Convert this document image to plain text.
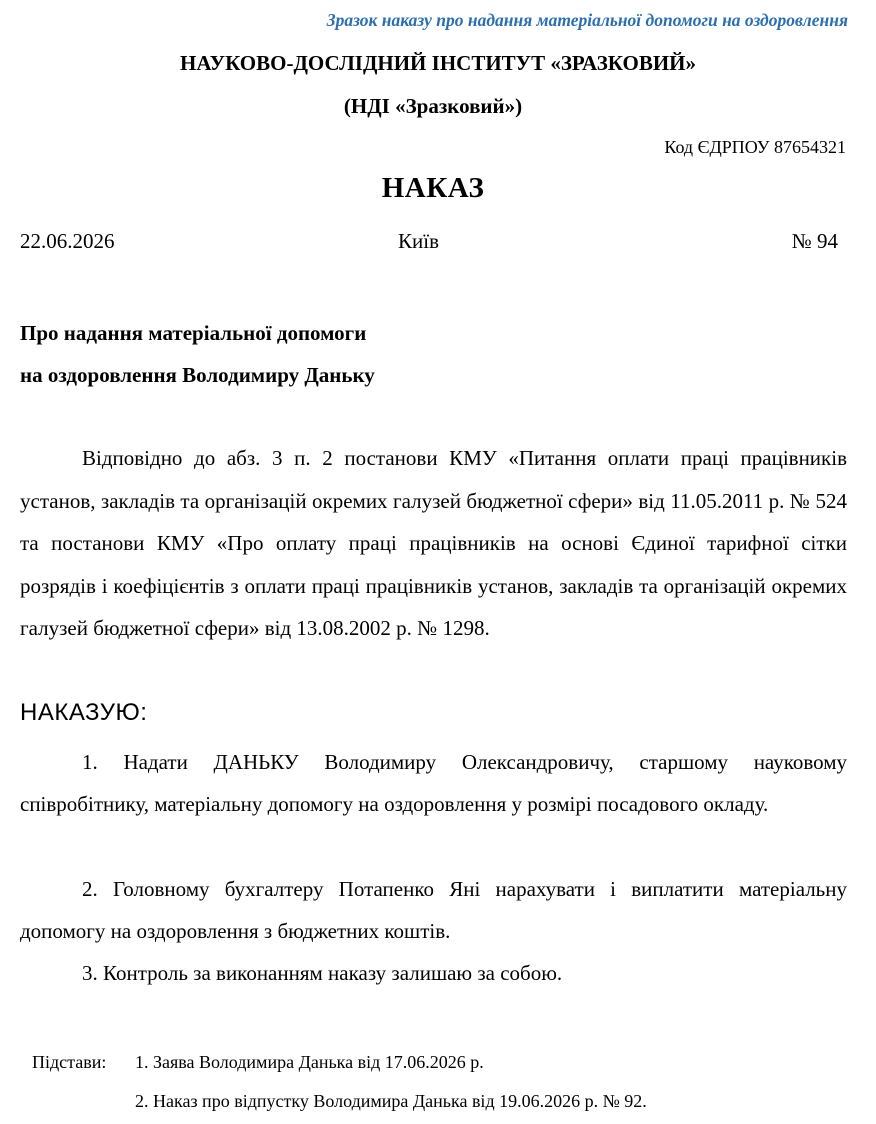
Зразок наказу про надання матеріальної допомоги на оздоровлення
НАУКОВО-ДОСЛІДНИЙ ІНСТИТУТ «ЗРАЗКОВИЙ»
(НДІ «Зразковий»)
Код ЄДРПОУ 87654321
НАКАЗ
22.06.2026	Київ	№ 94
Про надання матеріальної допомоги
на оздоровлення Володимиру Даньку

Відповідно до абз. 3 п. 2 постанови КМУ «Питання оплати праці працівників установ, закладів та організацій окремих галузей бюджетної сфери» від 11.05.2011 р. № 524 та постанови КМУ «Про оплату праці працівників на основі Єдиної тарифної сітки розрядів і коефіцієнтів з оплати праці працівників установ, закладів та організацій окремих галузей бюджетної сфери» від 13.08.2002 р. № 1298.

НАКАЗУЮ:

1. Надати ДАНЬКУ Володимиру Олександровичу, старшому науковому співробітнику, матеріальну допомогу на оздоровлення у розмірі посадового окладу.

2. Головному бухгалтеру Потапенко Яні нарахувати і виплатити матеріальну допомогу на оздоровлення з бюджетних коштів.

3. Контроль за виконанням наказу залишаю за собою.

Підстави: 1. Заява Володимира Данька від 17.06.2026 р.
2. Наказ про відпустку Володимира Данька від 19.06.2026 р. № 92.
